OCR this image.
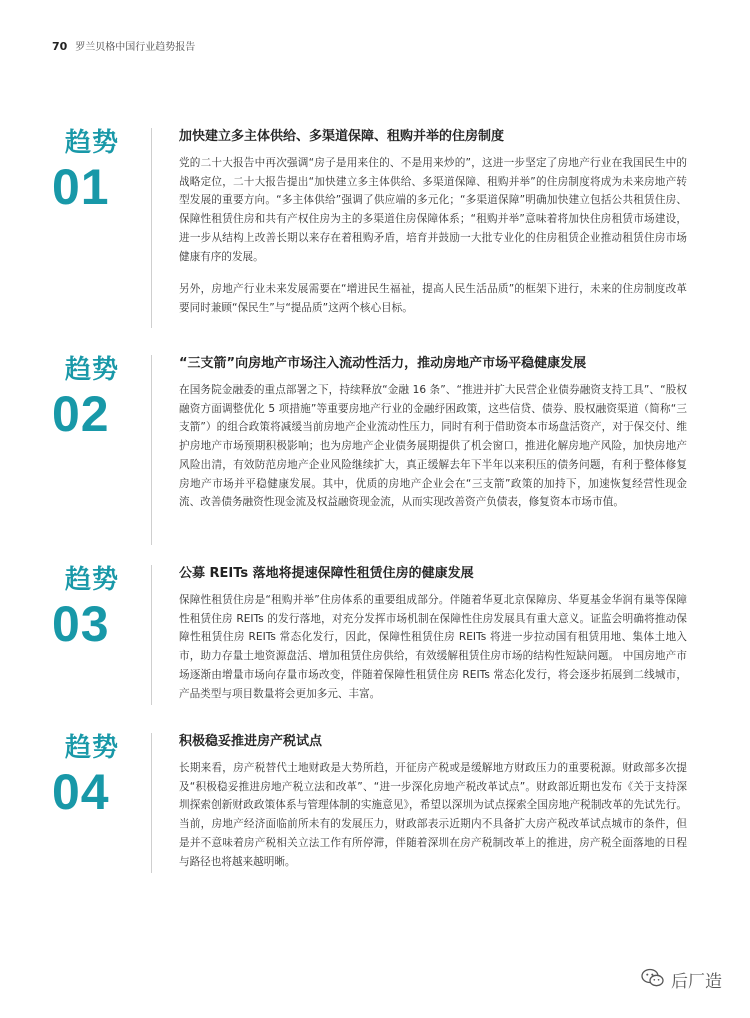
70 罗兰贝格中国行业趋势报告
趋势
01
加快建立多主体供给、多渠道保障、租购并举的住房制度

党的二十大报告中再次强调“房子是用来住的、不是用来炒的”，这进一步坚定了房地产行业在我国民生中的战略定位，二十大报告提出“加快建立多主体供给、多渠道保障、租购并举”的住房制度将成为未来房地产转型发展的重要方向。“多主体供给”强调了供应端的多元化；“多渠道保障”明确加快建立包括公共租赁住房、保障性租赁住房和共有产权住房为主的多渠道住房保障体系；“租购并举”意味着将加快住房租赁市场建设，进一步从结构上改善长期以来存在着租购矛盾，培育并鼓励一大批专业化的住房租赁企业推动租赁住房市场健康有序的发展。

另外，房地产行业未来发展需要在“增进民生福祉，提高人民生活品质”的框架下进行，未来的住房制度改革要同时兼顾“保民生”与“提品质”这两个核心目标。

趋势
02
“三支箭”向房地产市场注入流动性活力，推动房地产市场平稳健康发展

在国务院金融委的重点部署之下，持续释放“金融 16 条”、“推进并扩大民营企业债券融资支持工具”、“股权融资方面调整优化 5 项措施”等重要房地产行业的金融纾困政策，这些信贷、债券、股权融资渠道（简称“三支箭”）的组合政策将减缓当前房地产企业流动性压力，同时有利于借助资本市场盘活资产，对于保交付、维护房地产市场预期积极影响；也为房地产企业债务展期提供了机会窗口，推进化解房地产风险，加快房地产风险出清，有效防范房地产企业风险继续扩大，真正缓解去年下半年以来积压的债务问题，有利于整体修复房地产市场并平稳健康发展。其中，优质的房地产企业会在“三支箭”政策的加持下，加速恢复经营性现金流、改善债务融资性现金流及权益融资现金流，从而实现改善资产负债表，修复资本市场市值。

趋势
03
公募 REITs 落地将提速保障性租赁住房的健康发展

保障性租赁住房是“租购并举”住房体系的重要组成部分。伴随着华夏北京保障房、华夏基金华润有巢等保障性租赁住房 REITs 的发行落地，对充分发挥市场机制在保障性住房发展具有重大意义。证监会明确将推动保障性租赁住房 REITs 常态化发行，因此，保障性租赁住房 REITs 将进一步拉动国有租赁用地、集体土地入市，助力存量土地资源盘活、增加租赁住房供给，有效缓解租赁住房市场的结构性短缺问题。 中国房地产市场逐渐由增量市场向存量市场改变，伴随着保障性租赁住房 REITs 常态化发行，将会逐步拓展到二线城市，产品类型与项目数量将会更加多元、丰富。

趋势
04
积极稳妥推进房产税试点

长期来看，房产税替代土地财政是大势所趋，开征房产税或是缓解地方财政压力的重要税源。财政部多次提及“积极稳妥推进房地产税立法和改革”、“进一步深化房地产税改革试点”。财政部近期也发布《关于支持深圳探索创新财政政策体系与管理体制的实施意见》，希望以深圳为试点探索全国房地产税制改革的先试先行。当前，房地产经济面临前所未有的发展压力，财政部表示近期内不具备扩大房产税改革试点城市的条件，但是并不意味着房产税相关立法工作有所停滞，伴随着深圳在房产税制改革上的推进，房产税全面落地的日程与路径也将越来越明晰。

后厂造
